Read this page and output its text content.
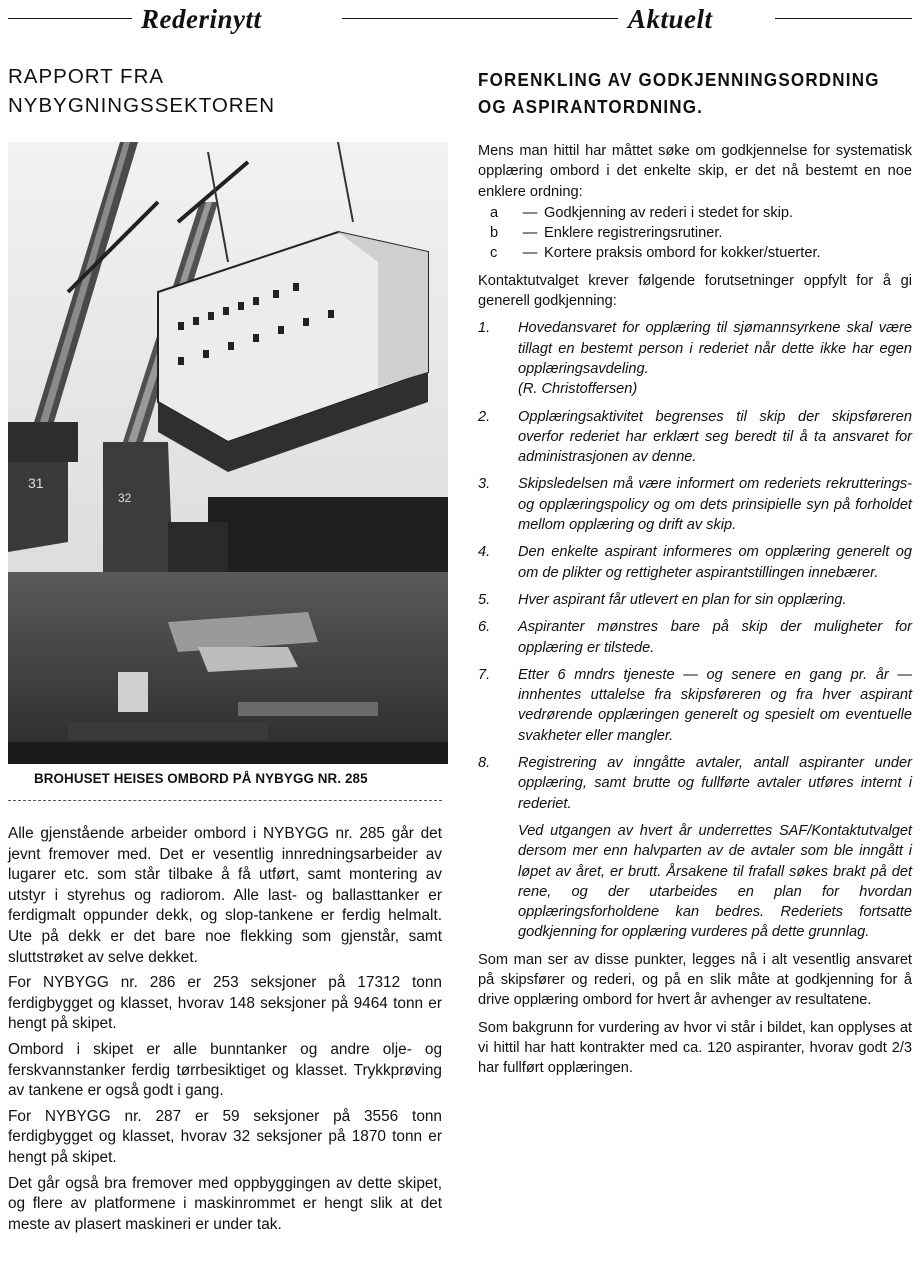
Rederinytt	Aktuelt
RAPPORT FRA
NYBYGNINGSSEKTOREN
31
32
BROHUSET HEISES OMBORD PÅ NYBYGG NR. 285

Alle gjenstående arbeider ombord i NYBYGG nr. 285 går det jevnt fremover med. Det er vesentlig innredningsarbeider av lugarer etc. som står tilbake å få utført, samt montering av utstyr i styrehus og radiorom. Alle last- og ballasttanker er ferdigmalt oppunder dekk, og slop-tankene er ferdig helmalt. Ute på dekk er det bare noe flekking som gjenstår, samt sluttstrøket av selve dekket.

For NYBYGG nr. 286 er 253 seksjoner på 17312 tonn ferdigbygget og klasset, hvorav 148 seksjoner på 9464 tonn er hengt på skipet.

Ombord i skipet er alle bunntanker og andre olje- og ferskvannstanker ferdig tørrbesiktiget og klasset. Trykkprøving av tankene er også godt i gang.

For NYBYGG nr. 287 er 59 seksjoner på 3556 tonn ferdigbygget og klasset, hvorav 32 seksjoner på 1870 tonn er hengt på skipet.

Det går også bra fremover med oppbyggingen av dette skipet, og flere av platformene i maskinrommet er hengt slik at det meste av plasert maskineri er under tak.

FORENKLING AV GODKJENNINGSORDNING
OG ASPIRANTORDNING.

Mens man hittil har måttet søke om godkjennelse for systematisk opplæring ombord i det enkelte skip, er det nå bestemt en noe enklere ordning:

a	— Godkjenning av rederi i stedet for skip.
b	— Enklere registreringsrutiner.
c	— Kortere praksis ombord for kokker/stuerter.

Kontaktutvalget krever følgende forutsetninger oppfylt for å gi generell godkjenning:

1.	Hovedansvaret for opplæring til sjømannsyrkene skal være tillagt en bestemt person i rederiet når dette ikke har egen opplæringsavdeling.
(R. Christoffersen)
2.	Opplæringsaktivitet begrenses til skip der skipsføreren overfor rederiet har erklært seg beredt til å ta ansvaret for administrasjonen av denne.
3.	Skipsledelsen må være informert om rederiets rekrutterings- og opplæringspolicy og om dets prinsipielle syn på forholdet mellom opplæring og drift av skip.
4.	Den enkelte aspirant informeres om opplæring generelt og om de plikter og rettigheter aspirantstillingen innebærer.
5.	Hver aspirant får utlevert en plan for sin opplæring.
6.	Aspiranter mønstres bare på skip der muligheter for opplæring er tilstede.
7.	Etter 6 mndrs tjeneste — og senere en gang pr. år — innhentes uttalelse fra skipsføreren og fra hver aspirant vedrørende opplæringen generelt og spesielt om eventuelle svakheter eller mangler.
8.	Registrering av inngåtte avtaler, antall aspiranter under opplæring, samt brutte og fullførte avtaler utføres internt i rederiet.

Ved utgangen av hvert år underrettes SAF/Kontaktutvalget dersom mer enn halvparten av de avtaler som ble inngått i løpet av året, er brutt. Årsakene til frafall søkes brakt på det rene, og der utarbeides en plan for hvordan opplæringsforholdene kan bedres. Rederiets fortsatte godkjenning for opplæring vurderes på dette grunnlag.

Som man ser av disse punkter, legges nå i alt vesentlig ansvaret på skipsfører og rederi, og på en slik måte at godkjenning for å drive opplæring ombord for hvert år avhenger av resultatene.

Som bakgrunn for vurdering av hvor vi står i bildet, kan opplyses at vi hittil har hatt kontrakter med ca. 120 aspiranter, hvorav godt 2/3 har fullført opplæringen.
